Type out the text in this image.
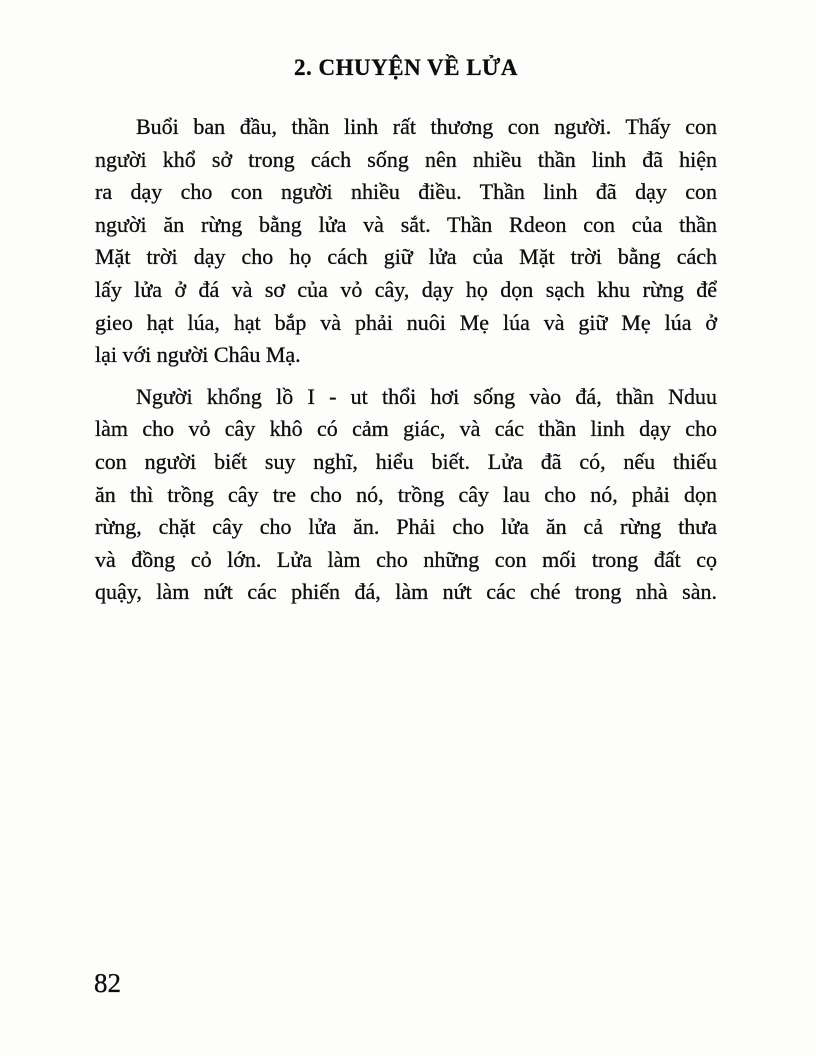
2. CHUYỆN VỀ LỬA

Buổi ban đầu, thần linh rất thương con người. Thấy con
người khổ sở trong cách sống nên nhiều thần linh đã hiện
ra dạy cho con người nhiều điều. Thần linh đã dạy con
người ăn rừng bằng lửa và sắt. Thần Rdeon con của thần
Mặt trời dạy cho họ cách giữ lửa của Mặt trời bằng cách
lấy lửa ở đá và sơ của vỏ cây, dạy họ dọn sạch khu rừng để
gieo hạt lúa, hạt bắp và phải nuôi Mẹ lúa và giữ Mẹ lúa ở
lại với người Châu Mạ.

Người khổng lồ I - ut thổi hơi sống vào đá, thần Nduu
làm cho vỏ cây khô có cảm giác, và các thần linh dạy cho
con người biết suy nghĩ, hiểu biết. Lửa đã có, nếu thiếu
ăn thì trồng cây tre cho nó, trồng cây lau cho nó, phải dọn
rừng, chặt cây cho lửa ăn. Phải cho lửa ăn cả rừng thưa
và đồng cỏ lớn. Lửa làm cho những con mối trong đất cọ
quậy, làm nứt các phiến đá, làm nứt các ché trong nhà sàn.

82
